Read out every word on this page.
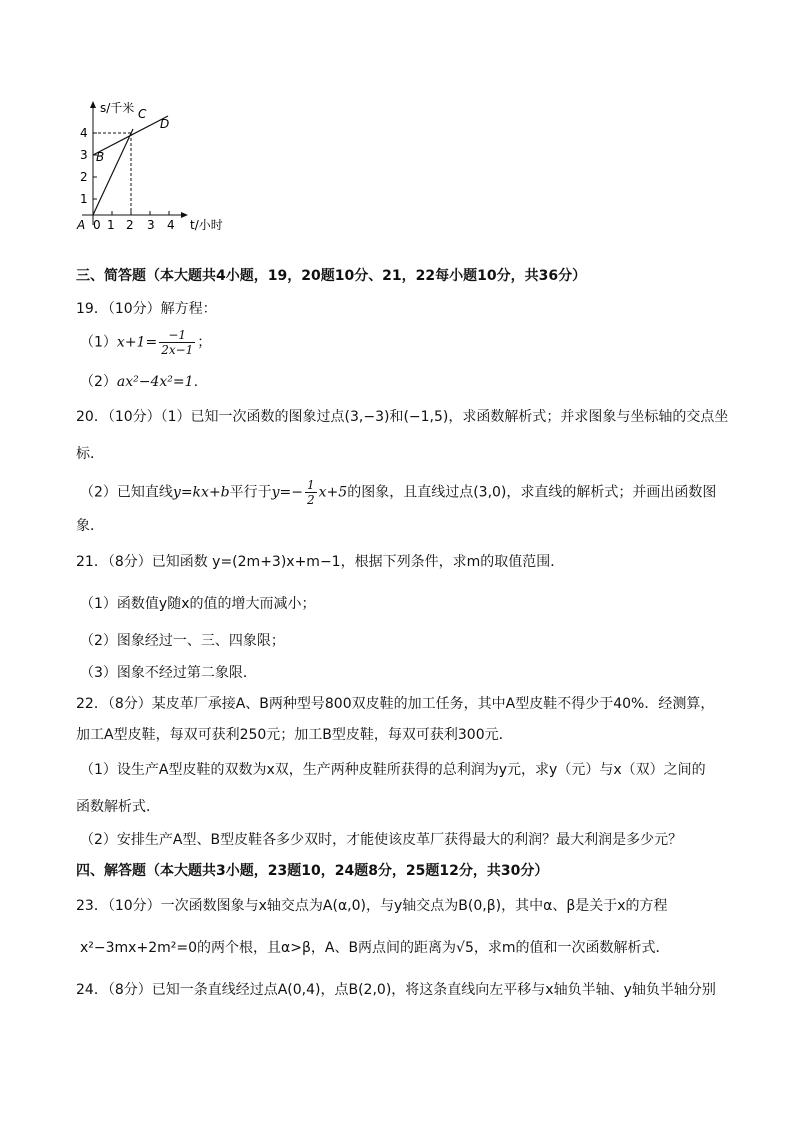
s/千米
t/小时
A 0 1 2 3 4
1
2
3
4
B
C
D
三、简答题（本大题共4小题，19，20题10分、21，22每小题10分，共36分）
19．（10分）解方程：
$(1)x+1= \frac{-1}{2x-1}$ ；
（2）ax²−4x²=1．
20．（10分）（1）已知一次函数的图象过点(3,−3)和(−1,5)，求函数解析式；并求图象与坐标轴的交点坐
标．
（2）已知直线y=kx+b平行于$y=- \frac{1}{2} x+5$的图象，且直线过点(3,0)，求直线的解析式；并画出函数图
象．
21．（8分）已知函数 y=(2m+3)x+m−1，根据下列条件，求m的取值范围．
（1）函数值y随x的值的增大而减小；
（2）图象经过一、三、四象限；
（3）图象不经过第二象限．
22．（8分）某皮革厂承接A、B两种型号800双皮鞋的加工任务，其中A型皮鞋不得少于40%．经测算，
加工A型皮鞋，每双可获利250元；加工B型皮鞋，每双可获利300元．
（1）设生产A型皮鞋的双数为x双，生产两种皮鞋所获得的总利润为y元，求y（元）与x（双）之间的
函数解析式．
（2）安排生产A型、B型皮鞋各多少双时，才能使该皮革厂获得最大的利润？最大利润是多少元？
四、解答题（本大题共3小题，23题10，24题8分，25题12分，共30分）
23．（10分）一次函数图象与x轴交点为A(α,0)，与y轴交点为B(0,β)，其中α、β是关于x的方程
x²−3mx+2m²=0的两个根，且α>β，A、B两点间的距离为√5，求m的值和一次函数解析式．
24．（8分）已知一条直线经过点A(0,4)，点B(2,0)，将这条直线向左平移与x轴负半轴、y轴负半轴分别
